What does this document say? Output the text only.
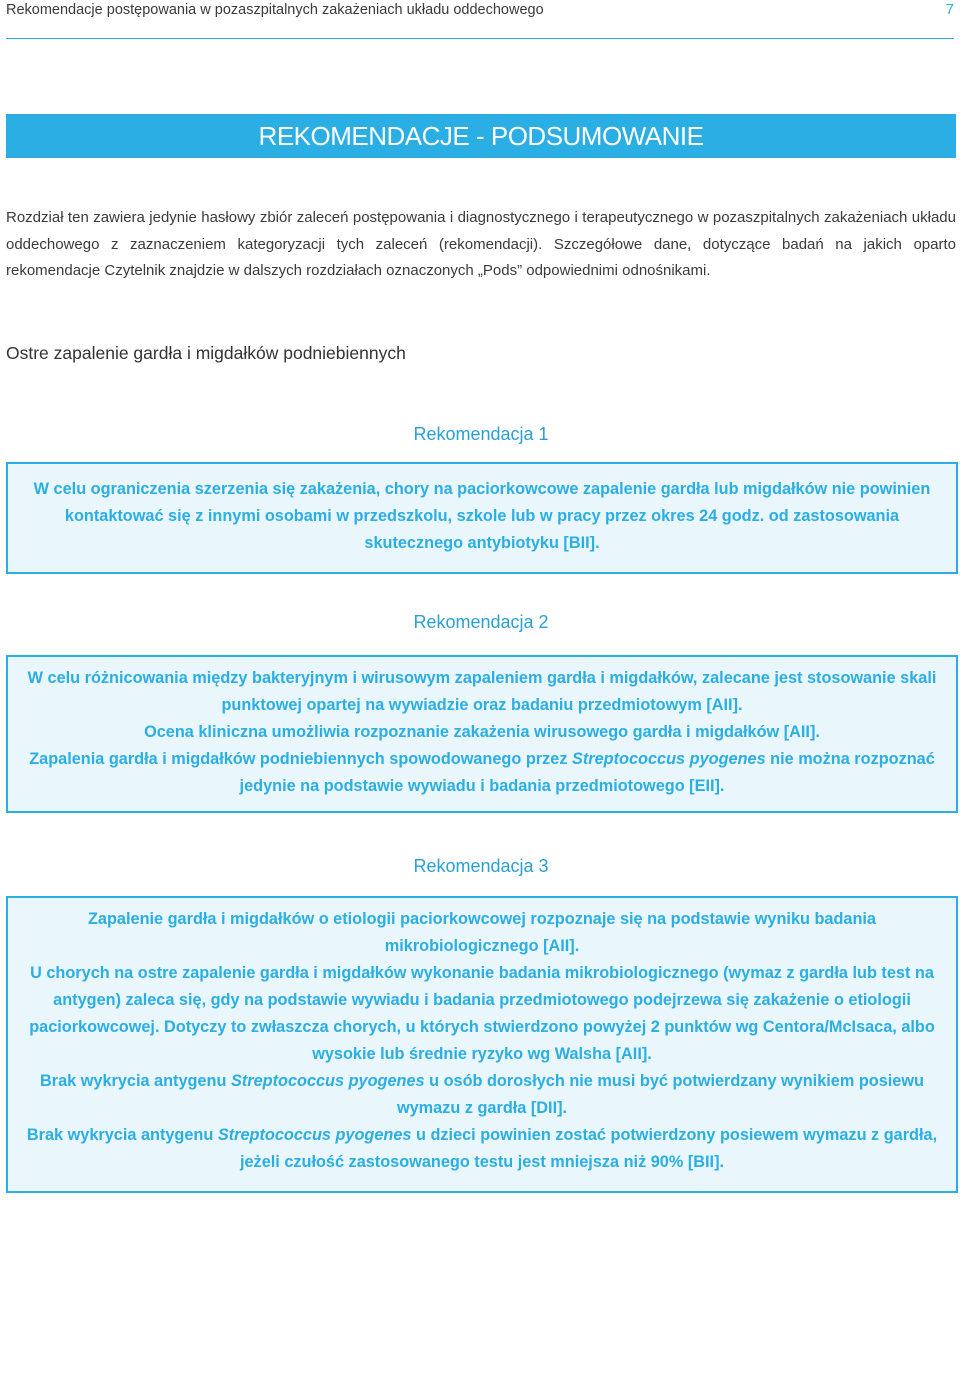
Rekomendacje postępowania w pozaszpitalnych zakażeniach układu oddechowego	7
REKOMENDACJE - PODSUMOWANIE

Rozdział ten zawiera jedynie hasłowy zbiór zaleceń postępowania i diagnostycznego i terapeutycznego w pozaszpitalnych zakażeniach układu oddechowego z zaznaczeniem kategoryzacji tych zaleceń (rekomendacji). Szczegółowe dane, dotyczące badań na jakich oparto rekomendacje Czytelnik znajdzie w dalszych rozdziałach oznaczonych „Pods” odpowiednimi odnośnikami.

Ostre zapalenie gardła i migdałków podniebiennych
Rekomendacja 1

W celu ograniczenia szerzenia się zakażenia, chory na paciorkowcowe zapalenie gardła lub migdałków nie powinien kontaktować się z innymi osobami w przedszkolu, szkole lub w pracy przez okres 24 godz. od zastosowania skutecznego antybiotyku [BII].

Rekomendacja 2

W celu różnicowania między bakteryjnym i wirusowym zapaleniem gardła i migdałków, zalecane jest stosowanie skali punktowej opartej na wywiadzie oraz badaniu przedmiotowym [AII].

Ocena kliniczna umożliwia rozpoznanie zakażenia wirusowego gardła i migdałków [AII].

Zapalenia gardła i migdałków podniebiennych spowodowanego przez Streptococcus pyogenes nie można rozpoznać jedynie na podstawie wywiadu i badania przedmiotowego [EII].

Rekomendacja 3

Zapalenie gardła i migdałków o etiologii paciorkowcowej rozpoznaje się na podstawie wyniku badania mikrobiologicznego [AII].

U chorych na ostre zapalenie gardła i migdałków wykonanie badania mikrobiologicznego (wymaz z gardła lub test na antygen) zaleca się, gdy na podstawie wywiadu i badania przedmiotowego podejrzewa się zakażenie o etiologii paciorkowcowej. Dotyczy to zwłaszcza chorych, u których stwierdzono powyżej 2 punktów wg Centora/McIsaca, albo wysokie lub średnie ryzyko wg Walsha [AII].

Brak wykrycia antygenu Streptococcus pyogenes u osób dorosłych nie musi być potwierdzany wynikiem posiewu wymazu z gardła [DII].

Brak wykrycia antygenu Streptococcus pyogenes u dzieci powinien zostać potwierdzony posiewem wymazu z gardła, jeżeli czułość zastosowanego testu jest mniejsza niż 90% [BII].
